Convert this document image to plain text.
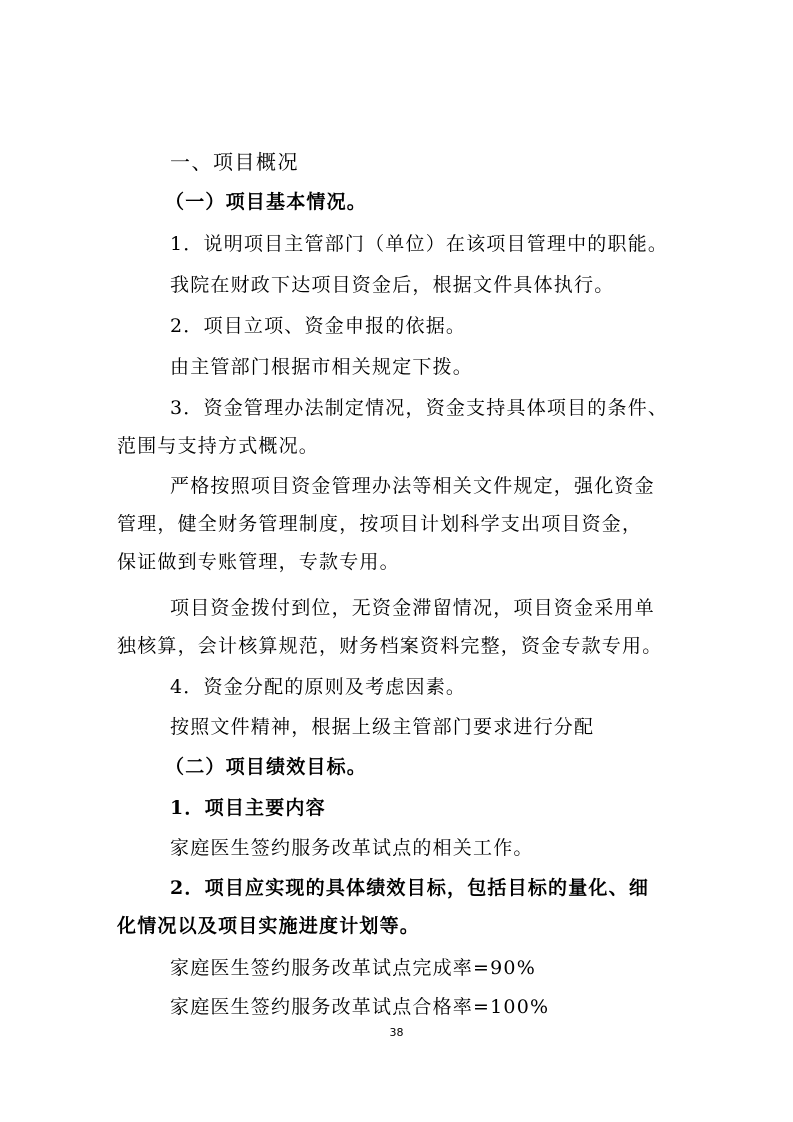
一、项目概况
（一）项目基本情况。
1．说明项目主管部门（单位）在该项目管理中的职能。
我院在财政下达项目资金后，根据文件具体执行。
2．项目立项、资金申报的依据。
由主管部门根据市相关规定下拨。
3．资金管理办法制定情况，资金支持具体项目的条件、
范围与支持方式概况。
严格按照项目资金管理办法等相关文件规定，强化资金
管理，健全财务管理制度，按项目计划科学支出项目资金，
保证做到专账管理，专款专用。
项目资金拨付到位，无资金滞留情况，项目资金采用单
独核算，会计核算规范，财务档案资料完整，资金专款专用。
4．资金分配的原则及考虑因素。
按照文件精神，根据上级主管部门要求进行分配
（二）项目绩效目标。
1．项目主要内容
家庭医生签约服务改革试点的相关工作。
2．项目应实现的具体绩效目标，包括目标的量化、细
化情况以及项目实施进度计划等。
家庭医生签约服务改革试点完成率=90%
家庭医生签约服务改革试点合格率=100%
38
